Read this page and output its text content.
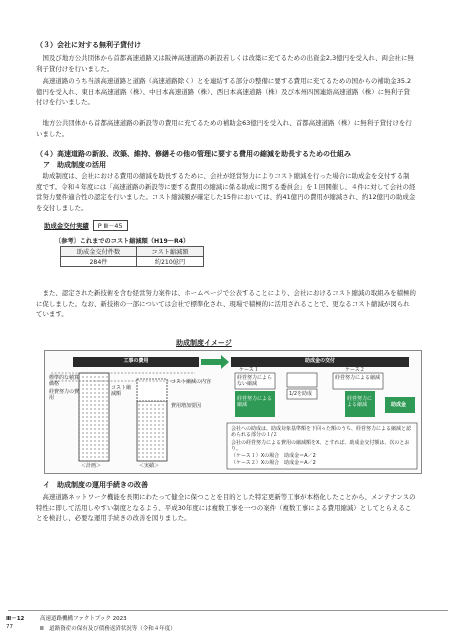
（３）会社に対する無利子貸付け
国及び地方公共団体から首都高速道路又は阪神高速道路の新設若しくは改築に充てるための出資金2,3億円を受入れ、両会社に無利子貸付けを行いました。
高速道路のうち当該高速道路と道路（高速道路除く）とを連結する部分の整備に要する費用に充てるための国からの補助金35.2億円を受入れ、東日本高速道路（株）、中日本高速道路（株）、西日本高速道路（株）及び本州四国連絡高速道路（株）に無利子貸付けを行いました。
地方公共団体から首都高速道路の新設等の費用に充てるための補助金63億円を受入れ、首都高速道路（株）に無利子貸付けを行いました。
（４）高速道路の新設、改築、維持、修繕その他の管理に要する費用の縮減を助長するための仕組み
ア　助成制度の活用
助成制度は、会社における費用の縮減を助長するために、会社が経営努力によりコスト縮減を行った場合に助成金を交付する制度です。令和４年度には「高速道路の新設等に要する費用の縮減に係る助成に関する委員会」を１回開催し、４件に対して会社の経営努力要件適合性の認定を行いました。コスト縮減額が確定した15件においては、約41億円の費用が縮減され、約12億円の助成金を交付しました。
助成金交付実績	P Ⅲ－45
〔参考〕これまでのコスト縮減額（H19～R4）
助成金交付件数	コスト縮減額
284件	約210億円
また、認定された新技術を含む経営努力案件は、ホームページで公表することにより、会社におけるコスト縮減の取組みを積極的に促しました。なお、新技術の一部については会社で標準化され、現場で積極的に活用されることで、更なるコスト縮減が図られています。
助成制度イメージ
工事の費用	助成金の交付
標準的な積算価格
経費努力の費用
コスト縮減の内容
コスト縮減額
費用増加要因
ケース１	ケース２
経営努力によらない縮減
経営努力による縮減
1/2を助成
経営努力による縮減
経営努力による縮減	助成金
会社への助成は、助成対象基準額を下回った額のうち、経営努力による縮減と認められる部分の１/２
会社の経営努力による費用の縮減額をX、とすれば、助成金交付額は、次のとおり。
（ケース１）Xの場合　助成金＝A／2
（ケース２）Xの場合　助成金＝A／2
＜計画＞	＜実績＞
イ　助成制度の運用手続きの改善
高速道路ネットワーク機能を長期にわたって健全に保つことを目的とした特定更新等工事が本格化したことから、メンテナンスの特性に即して活用しやすい制度となるよう、平成30年度には複数工事を一つの案件（複数工事による費用縮減）としてとらえることを検討し、必要な運用手続きの改善を図りました。
Ⅲ－12
77
高速道路機構ファクトブック 2023
Ⅲ　道路資産の保有及び債務返済状況等（令和４年度）
